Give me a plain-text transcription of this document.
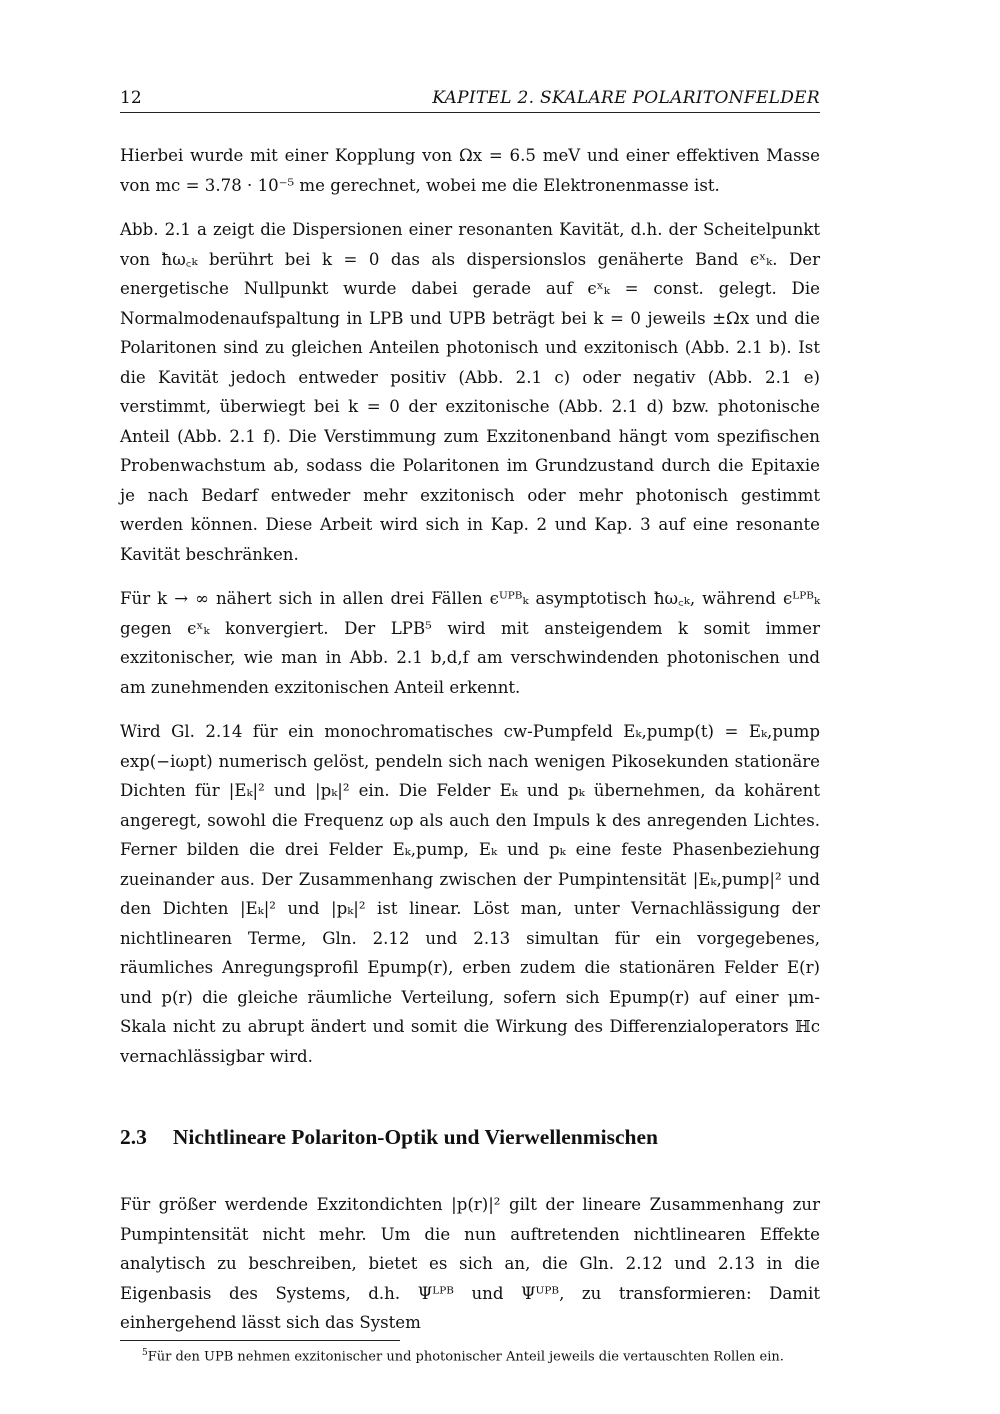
12	KAPITEL 2. SKALARE POLARITONFELDER

Hierbei wurde mit einer Kopplung von Ωx = 6.5 meV und einer effektiven Masse von mc = 3.78 · 10⁻⁵ me gerechnet, wobei me die Elektronenmasse ist.

Abb. 2.1 a zeigt die Dispersionen einer resonanten Kavität, d.h. der Scheitelpunkt von ħω꜀ₖ berührt bei k = 0 das als dispersionslos genäherte Band ϵˣₖ. Der energetische Nullpunkt wurde dabei gerade auf ϵˣₖ = const. gelegt. Die Normalmodenaufspaltung in LPB und UPB beträgt bei k = 0 jeweils ±Ωx und die Polaritonen sind zu gleichen Anteilen photonisch und exzitonisch (Abb. 2.1 b). Ist die Kavität jedoch entweder positiv (Abb. 2.1 c) oder negativ (Abb. 2.1 e) verstimmt, überwiegt bei k = 0 der exzitonische (Abb. 2.1 d) bzw. photonische Anteil (Abb. 2.1 f). Die Verstimmung zum Exzitonenband hängt vom spezifischen Probenwachstum ab, sodass die Polaritonen im Grundzustand durch die Epitaxie je nach Bedarf entweder mehr exzitonisch oder mehr photonisch gestimmt werden können. Diese Arbeit wird sich in Kap. 2 und Kap. 3 auf eine resonante Kavität beschränken.

Für k → ∞ nähert sich in allen drei Fällen ϵᵁᴾᴮₖ asymptotisch ħω꜀ₖ, während ϵᴸᴾᴮₖ gegen ϵˣₖ konvergiert. Der LPB⁵ wird mit ansteigendem k somit immer exzitonischer, wie man in Abb. 2.1 b,d,f am verschwindenden photonischen und am zunehmenden exzitonischen Anteil erkennt.

Wird Gl. 2.14 für ein monochromatisches cw-Pumpfeld Eₖ,pump(t) = Eₖ,pump exp(−iωpt) numerisch gelöst, pendeln sich nach wenigen Pikosekunden stationäre Dichten für |Eₖ|² und |pₖ|² ein. Die Felder Eₖ und pₖ übernehmen, da kohärent angeregt, sowohl die Frequenz ωp als auch den Impuls k des anregenden Lichtes. Ferner bilden die drei Felder Eₖ,pump, Eₖ und pₖ eine feste Phasenbeziehung zueinander aus. Der Zusammenhang zwischen der Pumpintensität |Eₖ,pump|² und den Dichten |Eₖ|² und |pₖ|² ist linear. Löst man, unter Vernachlässigung der nichtlinearen Terme, Gln. 2.12 und 2.13 simultan für ein vorgegebenes, räumliches Anregungsprofil Epump(r), erben zudem die stationären Felder E(r) und p(r) die gleiche räumliche Verteilung, sofern sich Epump(r) auf einer μm-Skala nicht zu abrupt ändert und somit die Wirkung des Differenzialoperators ℍc vernachlässigbar wird.

2.3 Nichtlineare Polariton-Optik und Vierwellenmischen

Für größer werdende Exzitondichten |p(r)|² gilt der lineare Zusammenhang zur Pumpintensität nicht mehr. Um die nun auftretenden nichtlinearen Effekte analytisch zu beschreiben, bietet es sich an, die Gln. 2.12 und 2.13 in die Eigenbasis des Systems, d.h. Ψᴸᴾᴮ und Ψᵁᴾᴮ, zu transformieren: Damit einhergehend lässt sich das System

$^5$Für den UPB nehmen exzitonischer und photonischer Anteil jeweils die vertauschten Rollen ein.
